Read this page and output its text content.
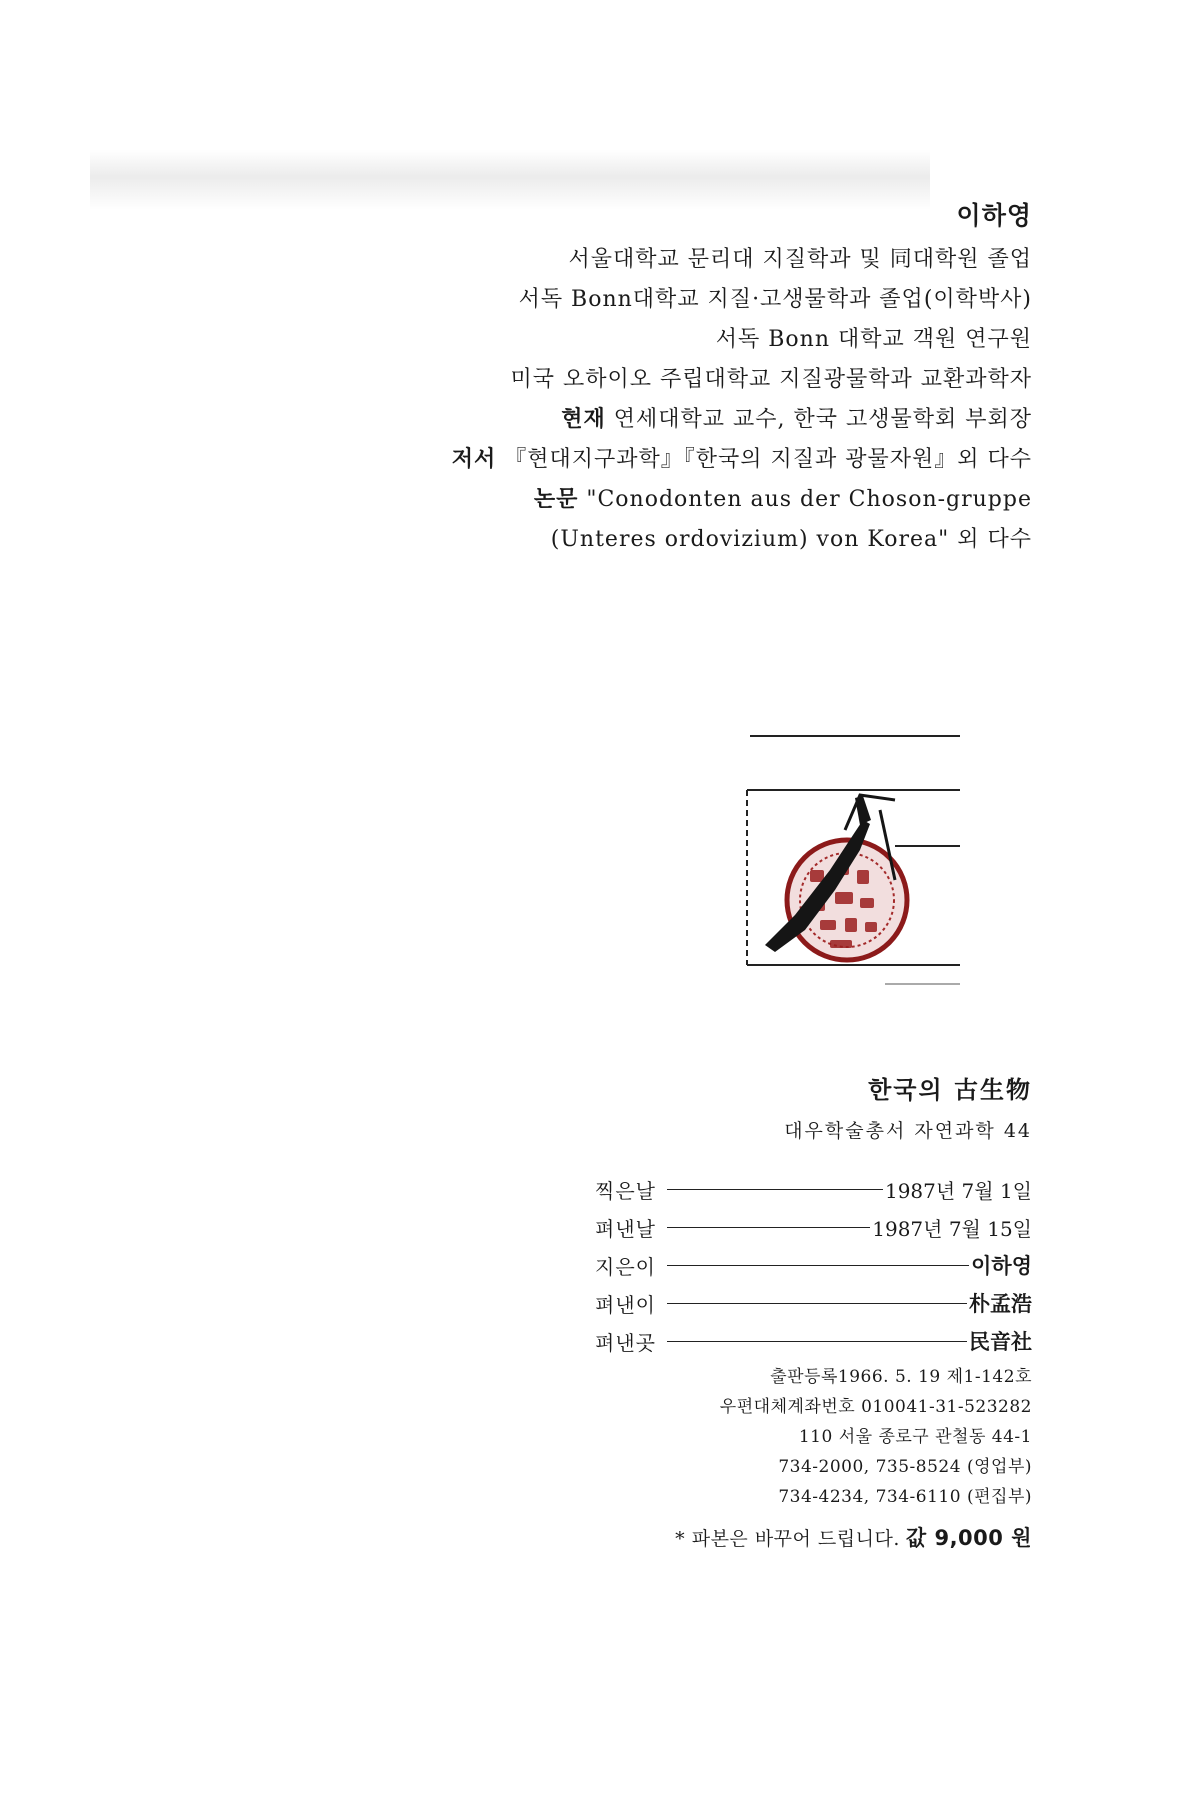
이하영
서울대학교 문리대 지질학과 및 同대학원 졸업
서독 Bonn대학교 지질·고생물학과 졸업(이학박사)
서독 Bonn 대학교 객원 연구원
미국 오하이오 주립대학교 지질광물학과 교환과학자
현재 연세대학교 교수, 한국 고생물학회 부회장
저서 『현대지구과학』『한국의 지질과 광물자원』외 다수
논문 "Conodonten aus der Choson-gruppe
(Unteres ordovizium) von Korea" 외 다수
한국의 古生物
대우학술총서 자연과학 44
찍은날	1987년 7월 1일
펴낸날	1987년 7월 15일
지은이	이하영
펴낸이	朴孟浩
펴낸곳	民音社
출판등록1966. 5. 19 제1-142호
우편대체계좌번호 010041-31-523282
110 서울 종로구 관철동 44-1
734-2000, 735-8524 (영업부)
734-4234, 734-6110 (편집부)
* 파본은 바꾸어 드립니다. 값 9,000 원
